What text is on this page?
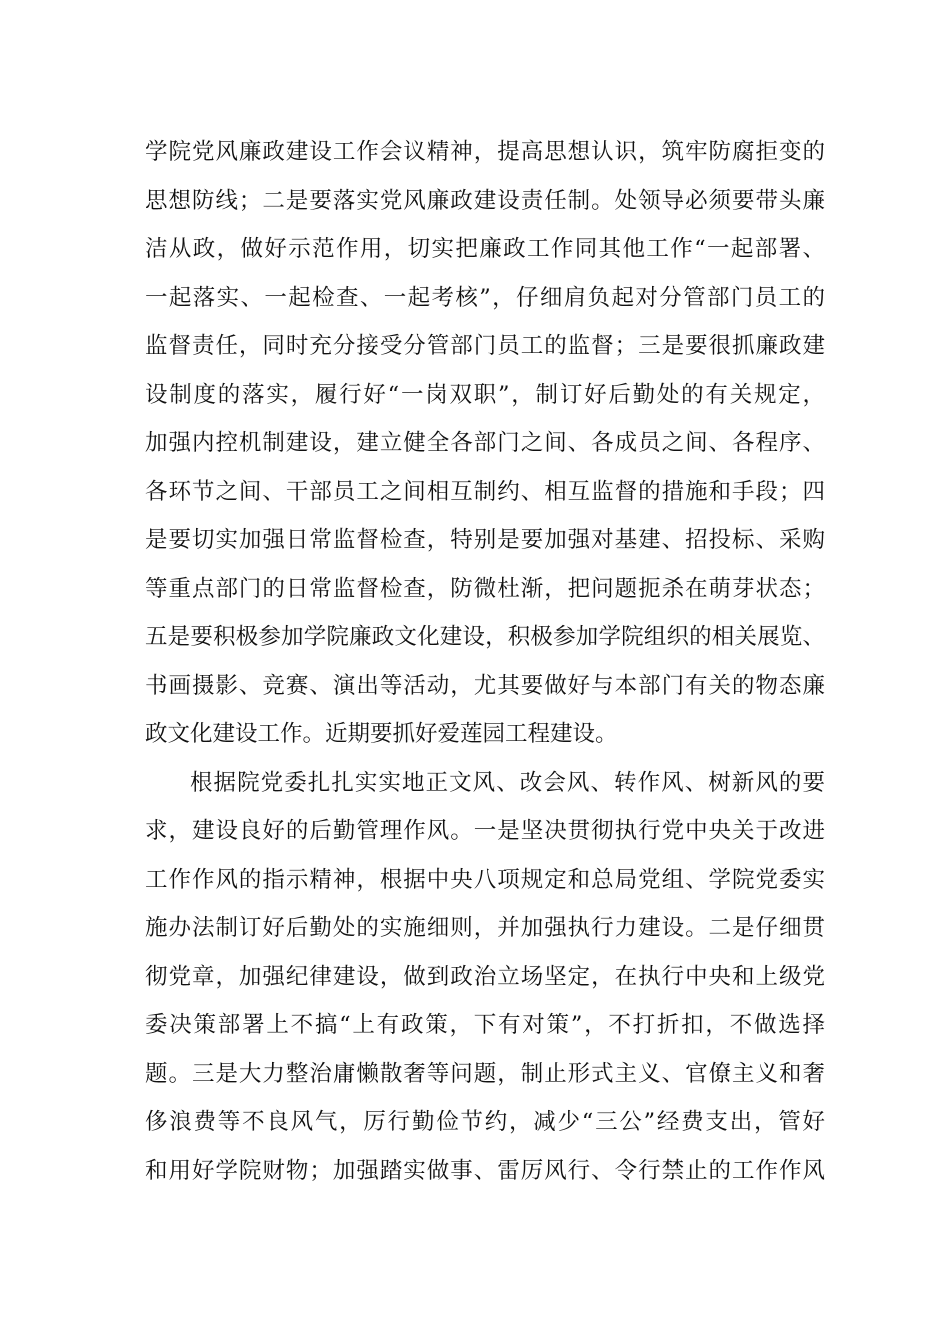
学院党风廉政建设工作会议精神，提高思想认识，筑牢防腐拒变的
思想防线；二是要落实党风廉政建设责任制。处领导必须要带头廉
洁从政，做好示范作用，切实把廉政工作同其他工作“一起部署、
一起落实、一起检查、一起考核”，仔细肩负起对分管部门员工的
监督责任，同时充分接受分管部门员工的监督；三是要很抓廉政建
设制度的落实，履行好“一岗双职”，制订好后勤处的有关规定，
加强内控机制建设，建立健全各部门之间、各成员之间、各程序、
各环节之间、干部员工之间相互制约、相互监督的措施和手段；四
是要切实加强日常监督检查，特别是要加强对基建、招投标、采购
等重点部门的日常监督检查，防微杜渐，把问题扼杀在萌芽状态；
五是要积极参加学院廉政文化建设，积极参加学院组织的相关展览、
书画摄影、竞赛、演出等活动，尤其要做好与本部门有关的物态廉
政文化建设工作。近期要抓好爱莲园工程建设。
根据院党委扎扎实实地正文风、改会风、转作风、树新风的要
求，建设良好的后勤管理作风。一是坚决贯彻执行党中央关于改进
工作作风的指示精神，根据中央八项规定和总局党组、学院党委实
施办法制订好后勤处的实施细则，并加强执行力建设。二是仔细贯
彻党章，加强纪律建设，做到政治立场坚定，在执行中央和上级党
委决策部署上不搞“上有政策，下有对策”，不打折扣，不做选择
题。三是大力整治庸懒散奢等问题，制止形式主义、官僚主义和奢
侈浪费等不良风气，厉行勤俭节约，减少“三公”经费支出，管好
和用好学院财物；加强踏实做事、雷厉风行、令行禁止的工作作风
